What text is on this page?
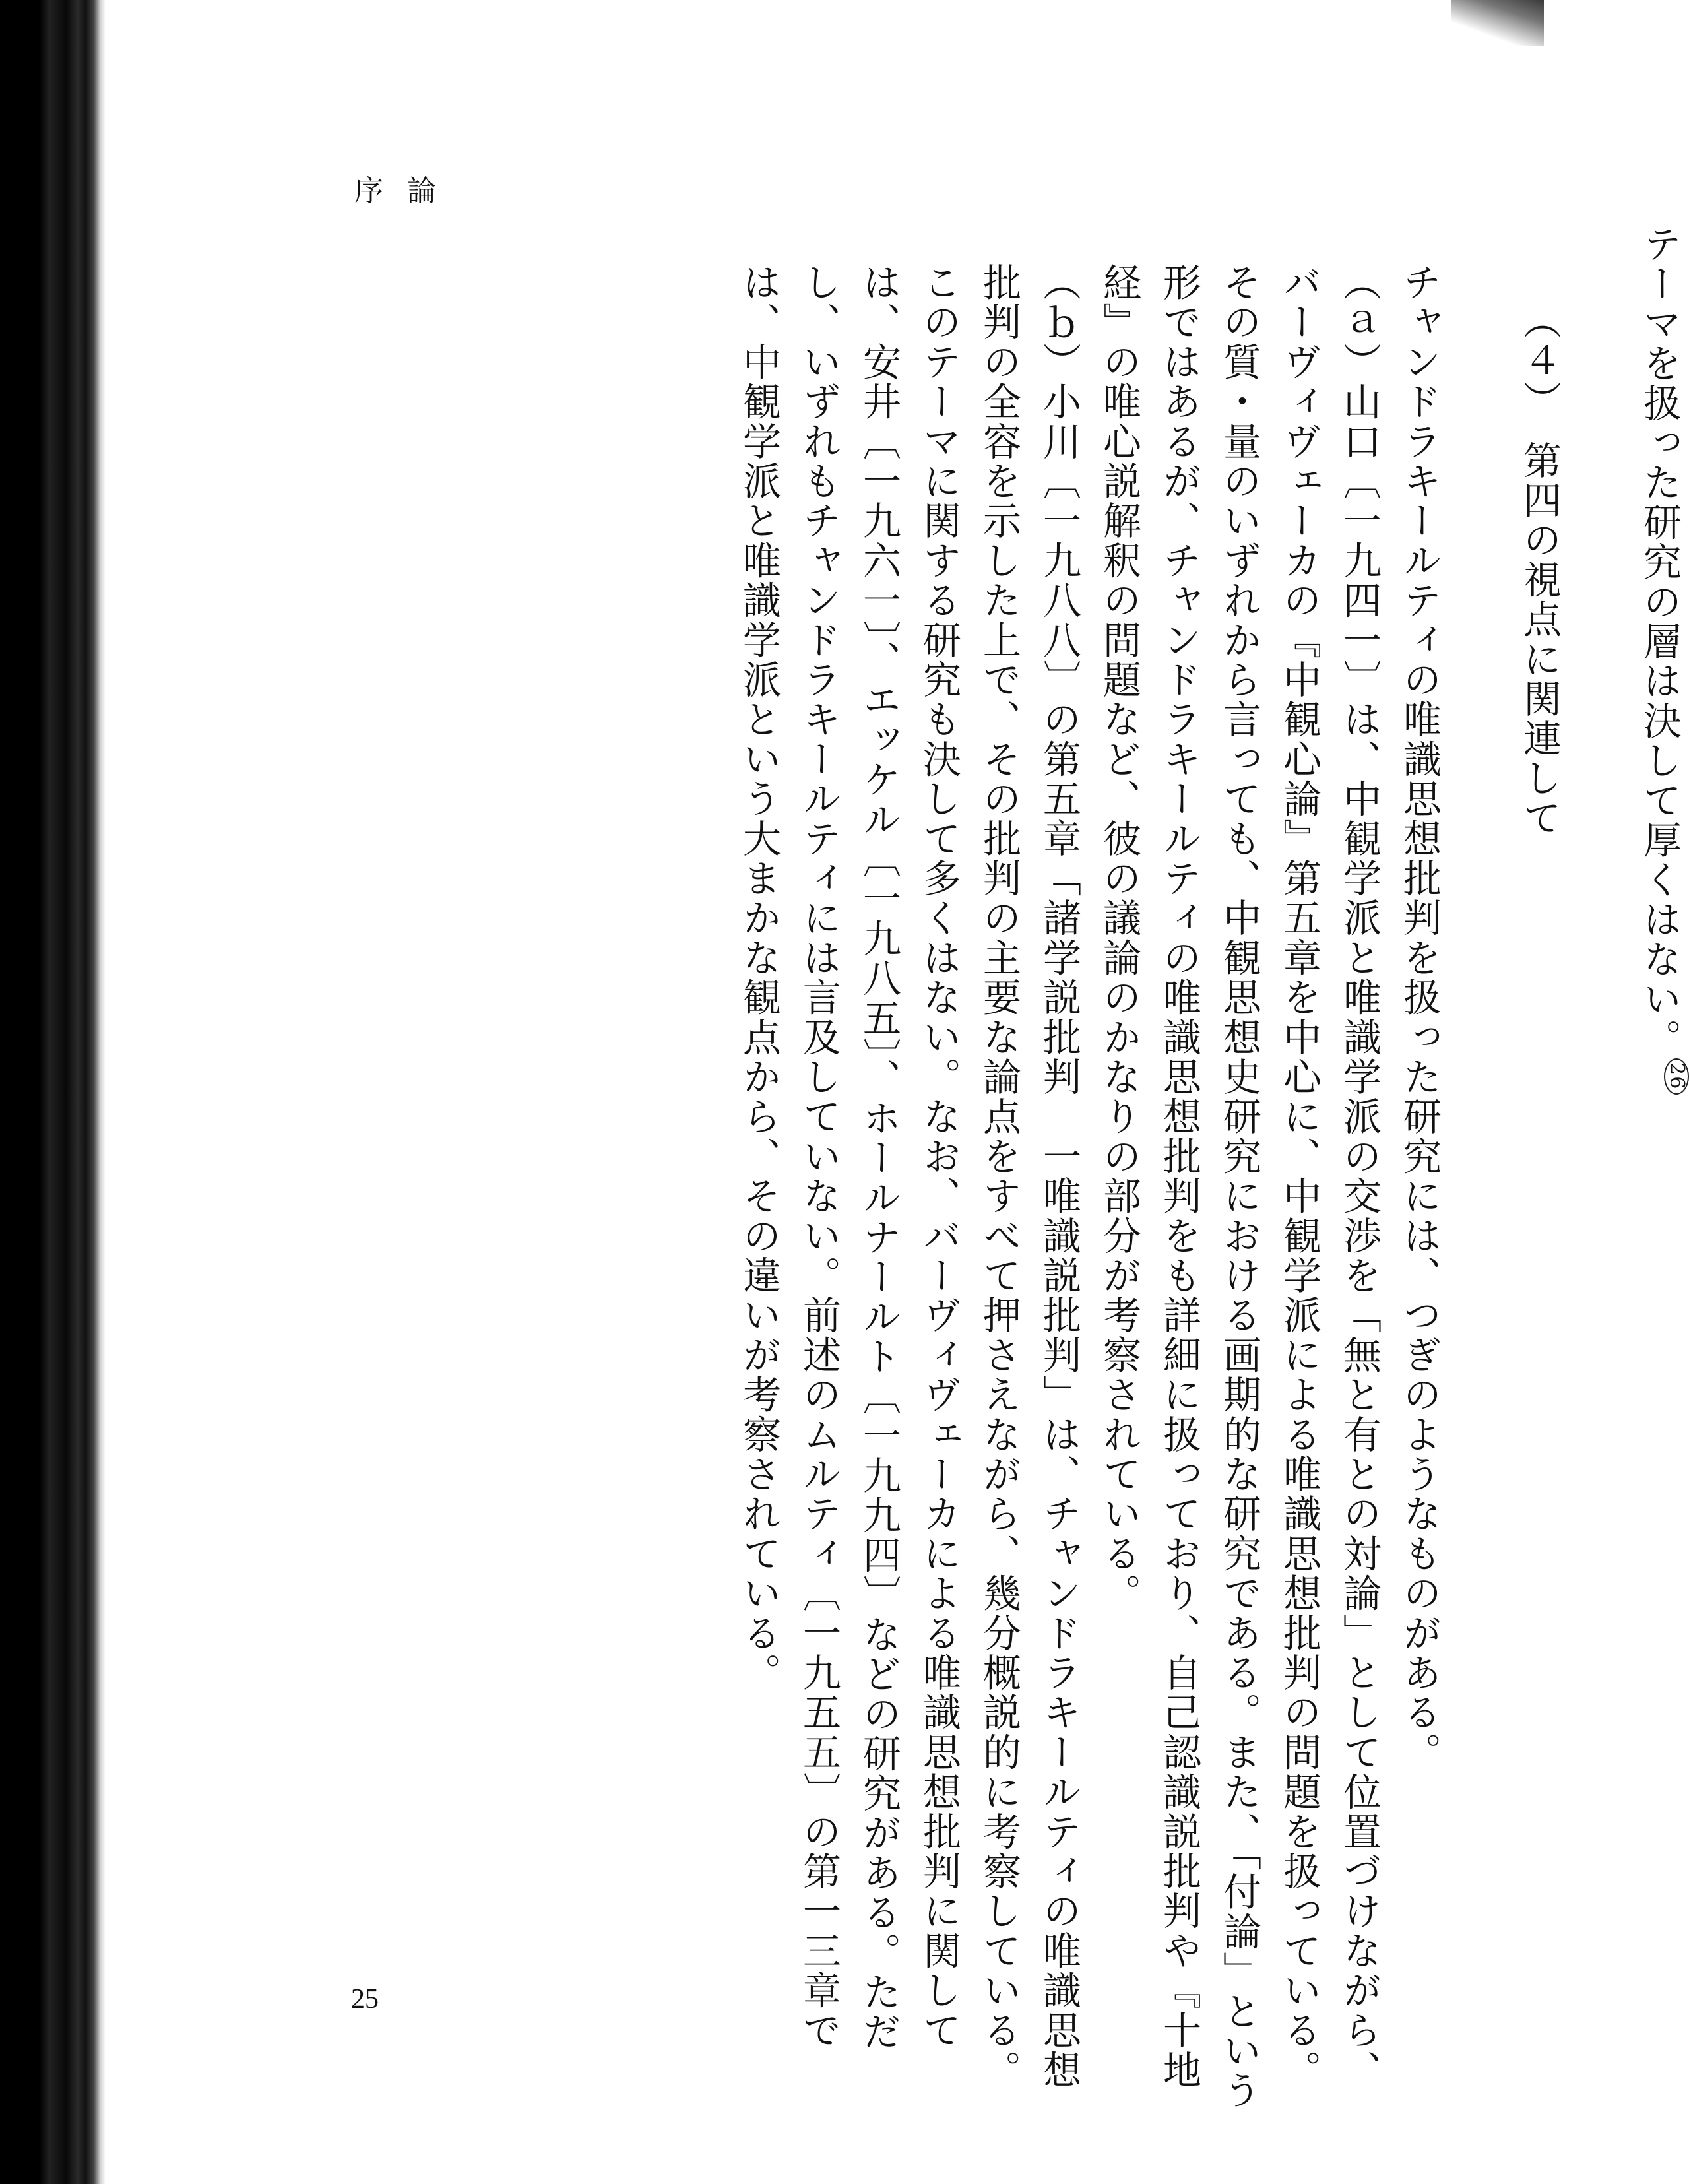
序論

テーマを扱った研究の層は決して厚くはない。26

（４）　第四の視点に関連して

チャンドラキールティの唯識思想批判を扱った研究には、つぎのようなものがある。

（ａ）山口〔一九四一〕は、中観学派と唯識学派の交渉を「無と有との対論」として位置づけながら、バーヴィヴェーカの『中観心論』第五章を中心に、中観学派による唯識思想批判の問題を扱っている。その質・量のいずれから言っても、中観思想史研究における画期的な研究である。また、「付論」という形ではあるが、チャンドラキールティの唯識思想批判をも詳細に扱っており、自己認識説批判や『十地経』の唯心説解釈の問題など、彼の議論のかなりの部分が考察されている。

（ｂ）小川〔一九八八〕の第五章「諸学説批判　一唯識説批判」は、チャンドラキールティの唯識思想批判の全容を示した上で、その批判の主要な論点をすべて押さえながら、幾分概説的に考察している。

このテーマに関する研究も決して多くはない。なお、バーヴィヴェーカによる唯識思想批判に関しては、安井〔一九六一〕、エッケル〔一九八五〕、ホールナールト〔一九九四〕などの研究がある。ただし、いずれもチャンドラキールティには言及していない。前述のムルティ〔一九五五〕の第一三章では、中観学派と唯識学派という大まかな観点から、その違いが考察されている。

25
